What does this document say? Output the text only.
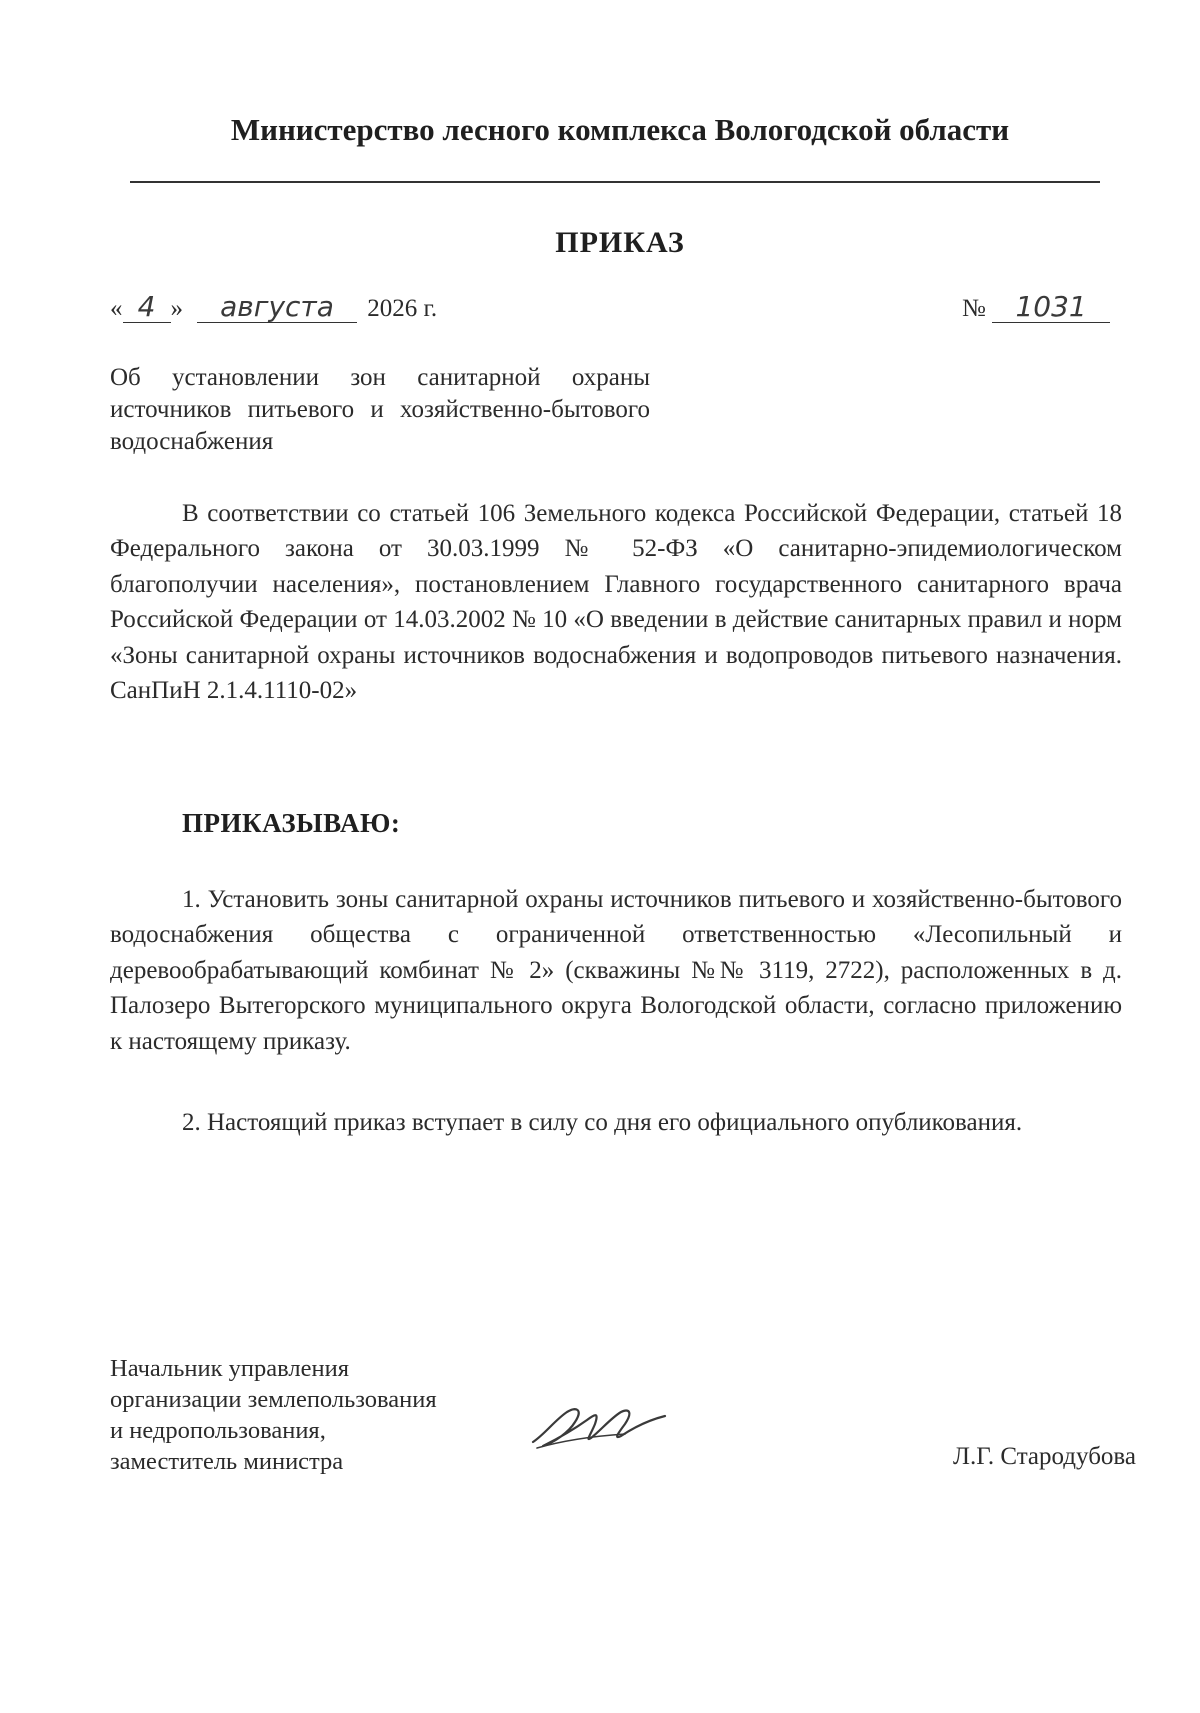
Министерство лесного комплекса Вологодской области
ПРИКАЗ
« 4 » августа 2026 г.	№ 1031
Об установлении зон санитарной охраны источников питьевого и хозяйственно-бытового водоснабжения

В соответствии со статьей 106 Земельного кодекса Российской Федерации, статьей 18 Федерального закона от 30.03.1999 № 52-ФЗ «О санитарно-эпидемиологическом благополучии населения», постановлением Главного государственного санитарного врача Российской Федерации от 14.03.2002 № 10 «О введении в действие санитарных правил и норм «Зоны санитарной охраны источников водоснабжения и водопроводов питьевого назначения. СанПиН 2.1.4.1110-02»

ПРИКАЗЫВАЮ:

1. Установить зоны санитарной охраны источников питьевого и хозяйственно-бытового водоснабжения общества с ограниченной ответственностью «Лесопильный и деревообрабатывающий комбинат № 2» (скважины №№ 3119, 2722), расположенных в д. Палозеро Вытегорского муниципального округа Вологодской области, согласно приложению к настоящему приказу.

2. Настоящий приказ вступает в силу со дня его официального опубликования.

Начальник управления
организации землепользования
и недропользования,
заместитель министра	Л.Г. Стародубова
